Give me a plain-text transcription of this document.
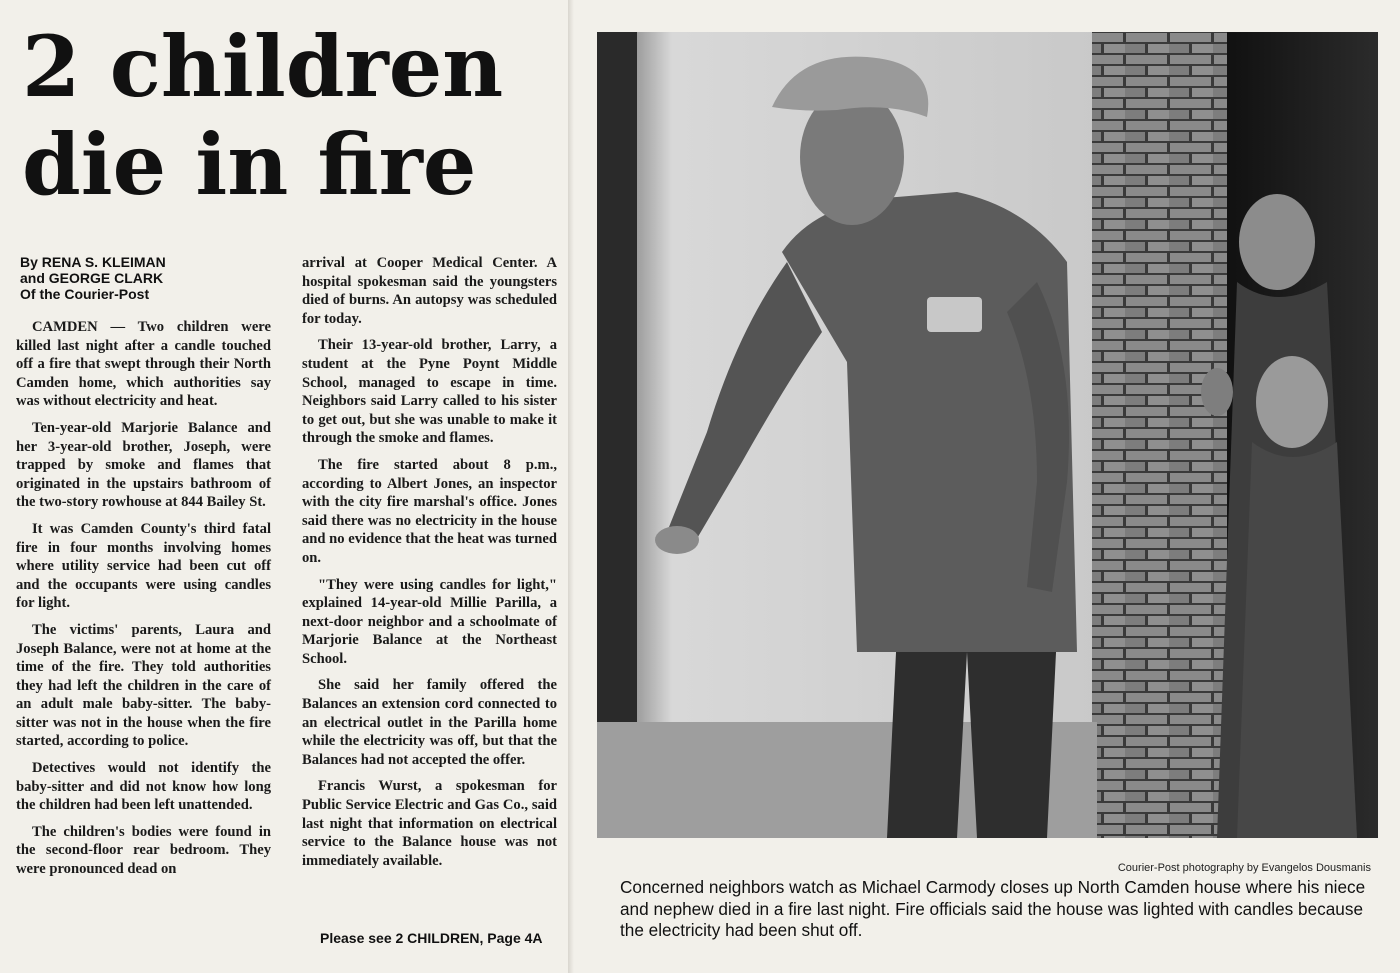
2 children
die in fire
By RENA S. KLEIMAN
and GEORGE CLARK
Of the Courier-Post

CAMDEN — Two children were killed last night after a candle touched off a fire that swept through their North Camden home, which authorities say was without electricity and heat.

Ten-year-old Marjorie Balance and her 3-year-old brother, Joseph, were trapped by smoke and flames that originated in the upstairs bathroom of the two-story rowhouse at 844 Bailey St.

It was Camden County's third fatal fire in four months involving homes where utility service had been cut off and the occupants were using candles for light.

The victims' parents, Laura and Joseph Balance, were not at home at the time of the fire. They told authorities they had left the children in the care of an adult male baby-sitter. The baby-sitter was not in the house when the fire started, according to police.

Detectives would not identify the baby-sitter and did not know how long the children had been left unattended.

The children's bodies were found in the second-floor rear bedroom. They were pronounced dead on

arrival at Cooper Medical Center. A hospital spokesman said the youngsters died of burns. An autopsy was scheduled for today.

Their 13-year-old brother, Larry, a student at the Pyne Poynt Middle School, managed to escape in time. Neighbors said Larry called to his sister to get out, but she was unable to make it through the smoke and flames.

The fire started about 8 p.m., according to Albert Jones, an inspector with the city fire marshal's office. Jones said there was no electricity in the house and no evidence that the heat was turned on.

"They were using candles for light," explained 14-year-old Millie Parilla, a next-door neighbor and a schoolmate of Marjorie Balance at the Northeast School.

She said her family offered the Balances an extension cord connected to an electrical outlet in the Parilla home while the electricity was off, but that the Balances had not accepted the offer.

Francis Wurst, a spokesman for Public Service Electric and Gas Co., said last night that information on electrical service to the Balance house was not immediately available.

Please see 2 CHILDREN, Page 4A
Courier-Post photography by Evangelos Dousmanis
Concerned neighbors watch as Michael Carmody closes up North Camden house where his niece and nephew died in a fire last night. Fire officials said the house was lighted with candles because the electricity had been shut off.
